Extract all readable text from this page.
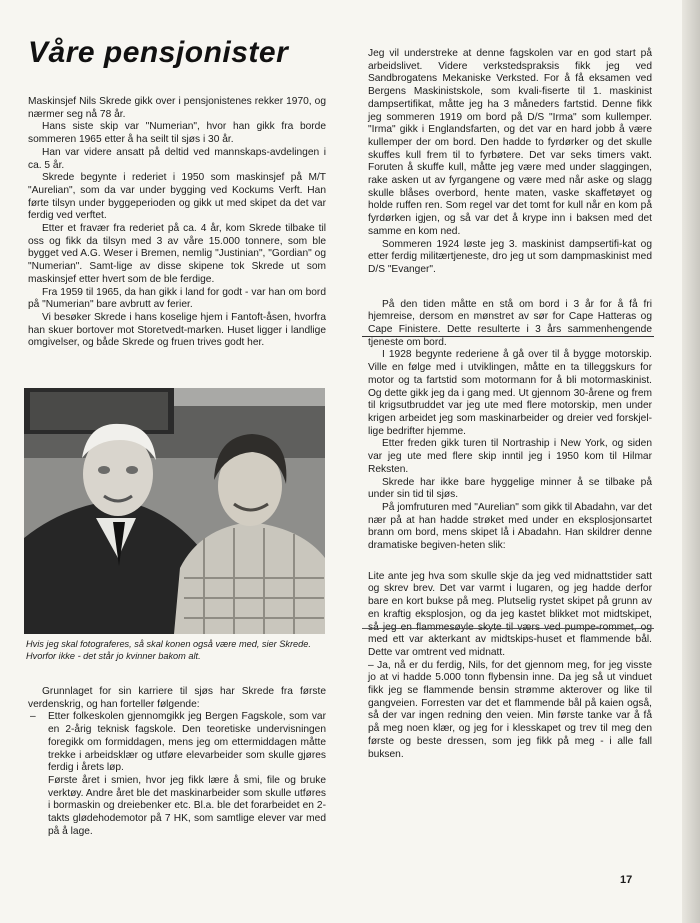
Våre pensjonister

Maskinsjef Nils Skrede gikk over i pensjonistenes rekker 1970, og nærmer seg nå 78 år.

Hans siste skip var "Numerian", hvor han gikk fra borde sommeren 1965 etter å ha seilt til sjøs i 30 år.

Han var videre ansatt på deltid ved mannskaps-avdelingen i ca. 5 år.

Skrede begynte i rederiet i 1950 som maskinsjef på M/T "Aurelian", som da var under bygging ved Kockums Verft. Han førte tilsyn under byggeperioden og gikk ut med skipet da det var ferdig ved verftet.

Etter et fravær fra rederiet på ca. 4 år, kom Skrede tilbake til oss og fikk da tilsyn med 3 av våre 15.000 tonnere, som ble bygget ved A.G. Weser i Bremen, nemlig "Justinian", "Gordian" og "Numerian". Samt-lige av disse skipene tok Skrede ut som maskinsjef etter hvert som de ble ferdige.

Fra 1959 til 1965, da han gikk i land for godt - var han om bord på "Numerian" bare avbrutt av ferier.

Vi besøker Skrede i hans koselige hjem i Fantoft-åsen, hvorfra han skuer bortover mot Storetvedt-marken. Huset ligger i landlige omgivelser, og både Skrede og fruen trives godt her.

Hvis jeg skal fotograferes, så skal konen også være med, sier Skrede. Hvorfor ikke - det står jo kvinner bakom alt.

Grunnlaget for sin karriere til sjøs har Skrede fra første verdenskrig, og han forteller følgende:

– Etter folkeskolen gjennomgikk jeg Bergen Fagskole, som var en 2-årig teknisk fagskole. Den teoretiske undervisningen foregikk om formiddagen, mens jeg om ettermiddagen måtte trekke i arbeidsklær og utføre elevarbeider som skulle gjøres ferdig i årets løp.

Første året i smien, hvor jeg fikk lære å smi, file og bruke verktøy. Andre året ble det maskinarbeider som skulle utføres i bormaskin og dreiebenker etc. Bl.a. ble det forarbeidet en 2-takts glødehodemotor på 7 HK, som samtlige elever var med på å lage.

Jeg vil understreke at denne fagskolen var en god start på arbeidslivet. Videre verkstedspraksis fikk jeg ved Sandbrogatens Mekaniske Verksted. For å få eksamen ved Bergens Maskinistskole, som kvali-fiserte til 1. maskinist dampsertifikat, måtte jeg ha 3 måneders fartstid. Denne fikk jeg sommeren 1919 om bord på D/S "Irma" som kullemper. "Irma" gikk i Englandsfarten, og det var en hard jobb å være kullemper der om bord. Den hadde to fyrdørker og det skulle skuffes kull frem til to fyrbøtere. Det var seks timers vakt. Foruten å skuffe kull, måtte jeg være med under slaggingen, rake asken ut av fyrgangene og være med når aske og slagg skulle blåses overbord, hente maten, vaske skaffetøyet og holde ruffen ren. Som regel var det tomt for kull når en kom på fyrdørken igjen, og så var det å krype inn i baksen med det samme en kom ned.

Sommeren 1924 løste jeg 3. maskinist dampsertifi-kat og etter ferdig militærtjeneste, dro jeg ut som dampmaskinist med D/S "Evanger".

På den tiden måtte en stå om bord i 3 år for å få fri hjemreise, dersom en mønstret av sør for Cape Hatteras og Cape Finistere. Dette resulterte i 3 års sammenhengende tjeneste om bord.

I 1928 begynte rederiene å gå over til å bygge motorskip. Ville en følge med i utviklingen, måtte en ta tilleggskurs for motor og ta fartstid som motormann for å bli motormaskinist. Og dette gikk jeg da i gang med. Ut gjennom 30-årene og frem til krigsutbruddet var jeg ute med flere motorskip, men under krigen arbeidet jeg som maskinarbeider og dreier ved forskjel-lige bedrifter hjemme.

Etter freden gikk turen til Nortraship i New York, og siden var jeg ute med flere skip inntil jeg i 1950 kom til Hilmar Reksten.

Skrede har ikke bare hyggelige minner å se tilbake på under sin tid til sjøs.

På jomfruturen med "Aurelian" som gikk til Abadahn, var det nær på at han hadde strøket med under en eksplosjonsartet brann om bord, mens skipet lå i Abadahn. Han skildrer denne dramatiske begiven-heten slik:

Lite ante jeg hva som skulle skje da jeg ved midnattstider satt og skrev brev. Det var varmt i lugaren, og jeg hadde derfor bare en kort bukse på meg. Plutselig rystet skipet på grunn av en kraftig eksplosjon, og da jeg kastet blikket mot midtskipet, så jeg en flammesøyle skyte til værs ved pumpe-rommet, og med ett var akterkant av midtskips-huset et flammende bål. Dette var omtrent ved midnatt.

– Ja, nå er du ferdig, Nils, for det gjennom meg, for jeg visste jo at vi hadde 5.000 tonn flybensin inne. Da jeg så ut vinduet fikk jeg se flammende bensin strømme akterover og like til gangveien. Forresten var det et flammende bål på kaien også, så der var ingen redning den veien. Min første tanke var å få på meg noen klær, og jeg for i klesskapet og trev til meg den første og beste dressen, som jeg fikk på meg - i alle fall buksen.

17
